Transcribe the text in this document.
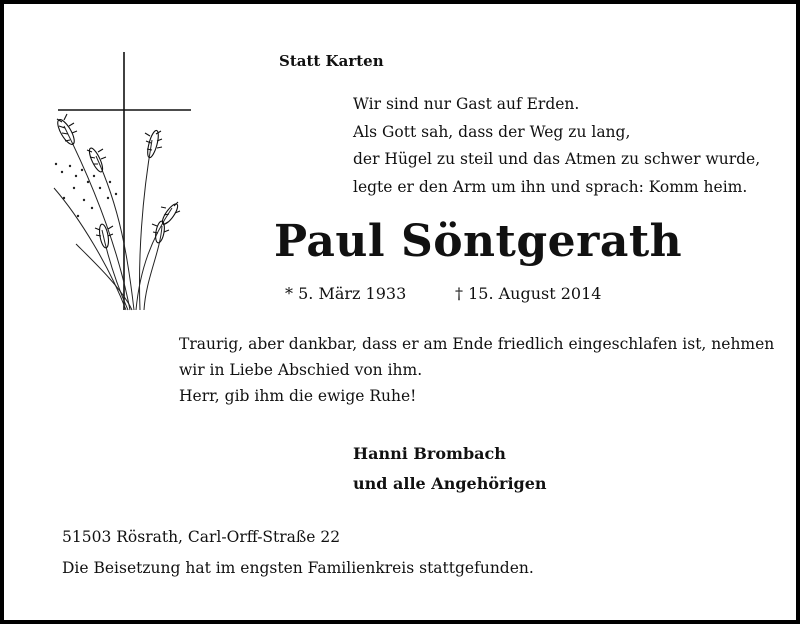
Statt Karten
Wir sind nur Gast auf Erden.
Als Gott sah, dass der Weg zu lang,
der Hügel zu steil und das Atmen zu schwer wurde,
legte er den Arm um ihn und sprach: Komm heim.
Paul Söntgerath
* 5. März 1933	† 15. August 2014
Traurig, aber dankbar, dass er am Ende friedlich eingeschlafen ist, nehmen
wir in Liebe Abschied von ihm.
Herr, gib ihm die ewige Ruhe!
Hanni Brombach
und alle Angehörigen
51503 Rösrath, Carl-Orff-Straße 22
Die Beisetzung hat im engsten Familienkreis stattgefunden.
